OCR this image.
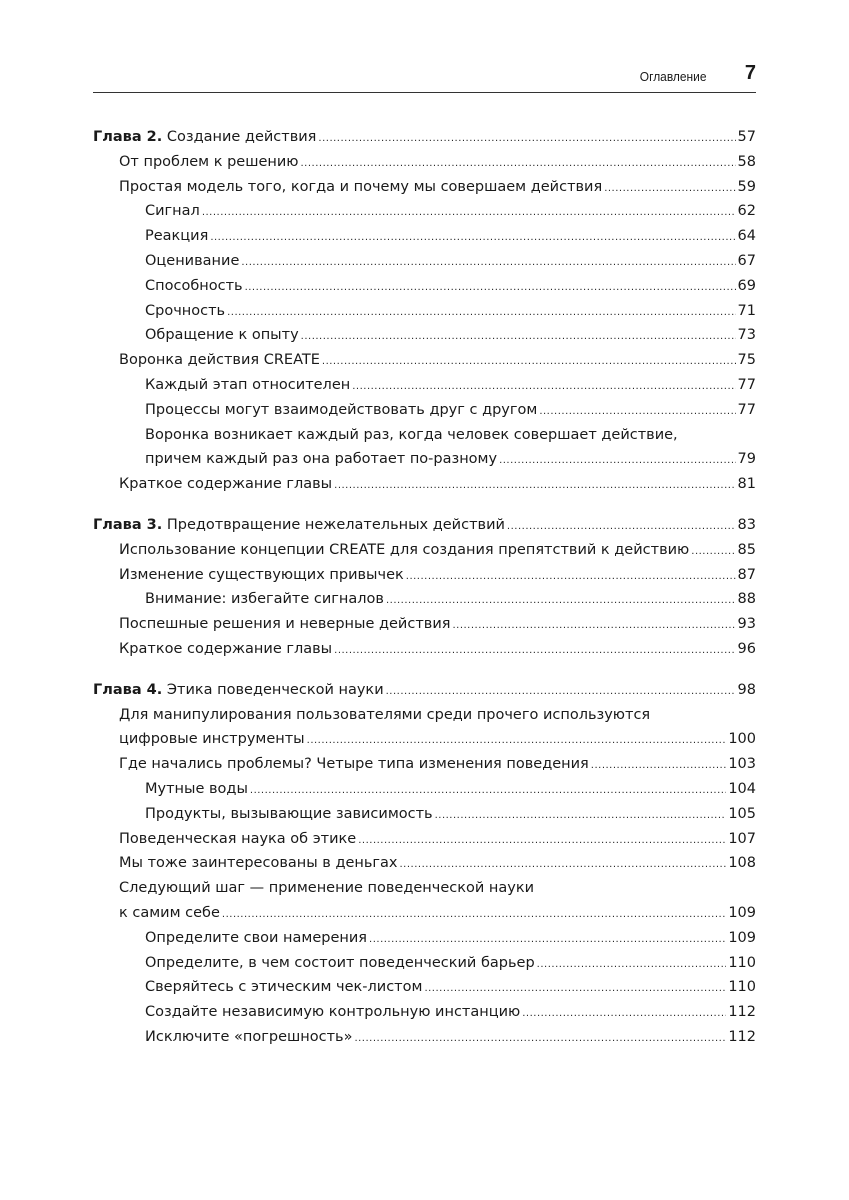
Оглавление 7
Глава 2. Создание действия .....	57
От проблем к решению .....	58
Простая модель того, когда и почему мы совершаем действия .....	59
Сигнал .....	62
Реакция .....	64
Оценивание .....	67
Способность .....	69
Срочность .....	71
Обращение к опыту .....	73
Воронка действия CREATE .....	75
Каждый этап относителен .....	77
Процессы могут взаимодействовать друг с другом .....	77
Воронка возникает каждый раз, когда человек совершает действие,
причем каждый раз она работает по-разному .....	79
Краткое содержание главы .....	81
Глава 3. Предотвращение нежелательных действий .....	83
Использование концепции CREATE для создания препятствий к действию .....	85
Изменение существующих привычек .....	87
Внимание: избегайте сигналов .....	88
Поспешные решения и неверные действия .....	93
Краткое содержание главы .....	96
Глава 4. Этика поведенческой науки .....	98
Для манипулирования пользователями среди прочего используются
цифровые инструменты .....	100
Где начались проблемы? Четыре типа изменения поведения .....	103
Мутные воды .....	104
Продукты, вызывающие зависимость .....	105
Поведенческая наука об этике .....	107
Мы тоже заинтересованы в деньгах .....	108
Следующий шаг — применение поведенческой науки
к самим себе .....	109
Определите свои намерения .....	109
Определите, в чем состоит поведенческий барьер .....	110
Сверяйтесь с этическим чек-листом .....	110
Создайте независимую контрольную инстанцию .....	112
Исключите «погрешность» .....	112
